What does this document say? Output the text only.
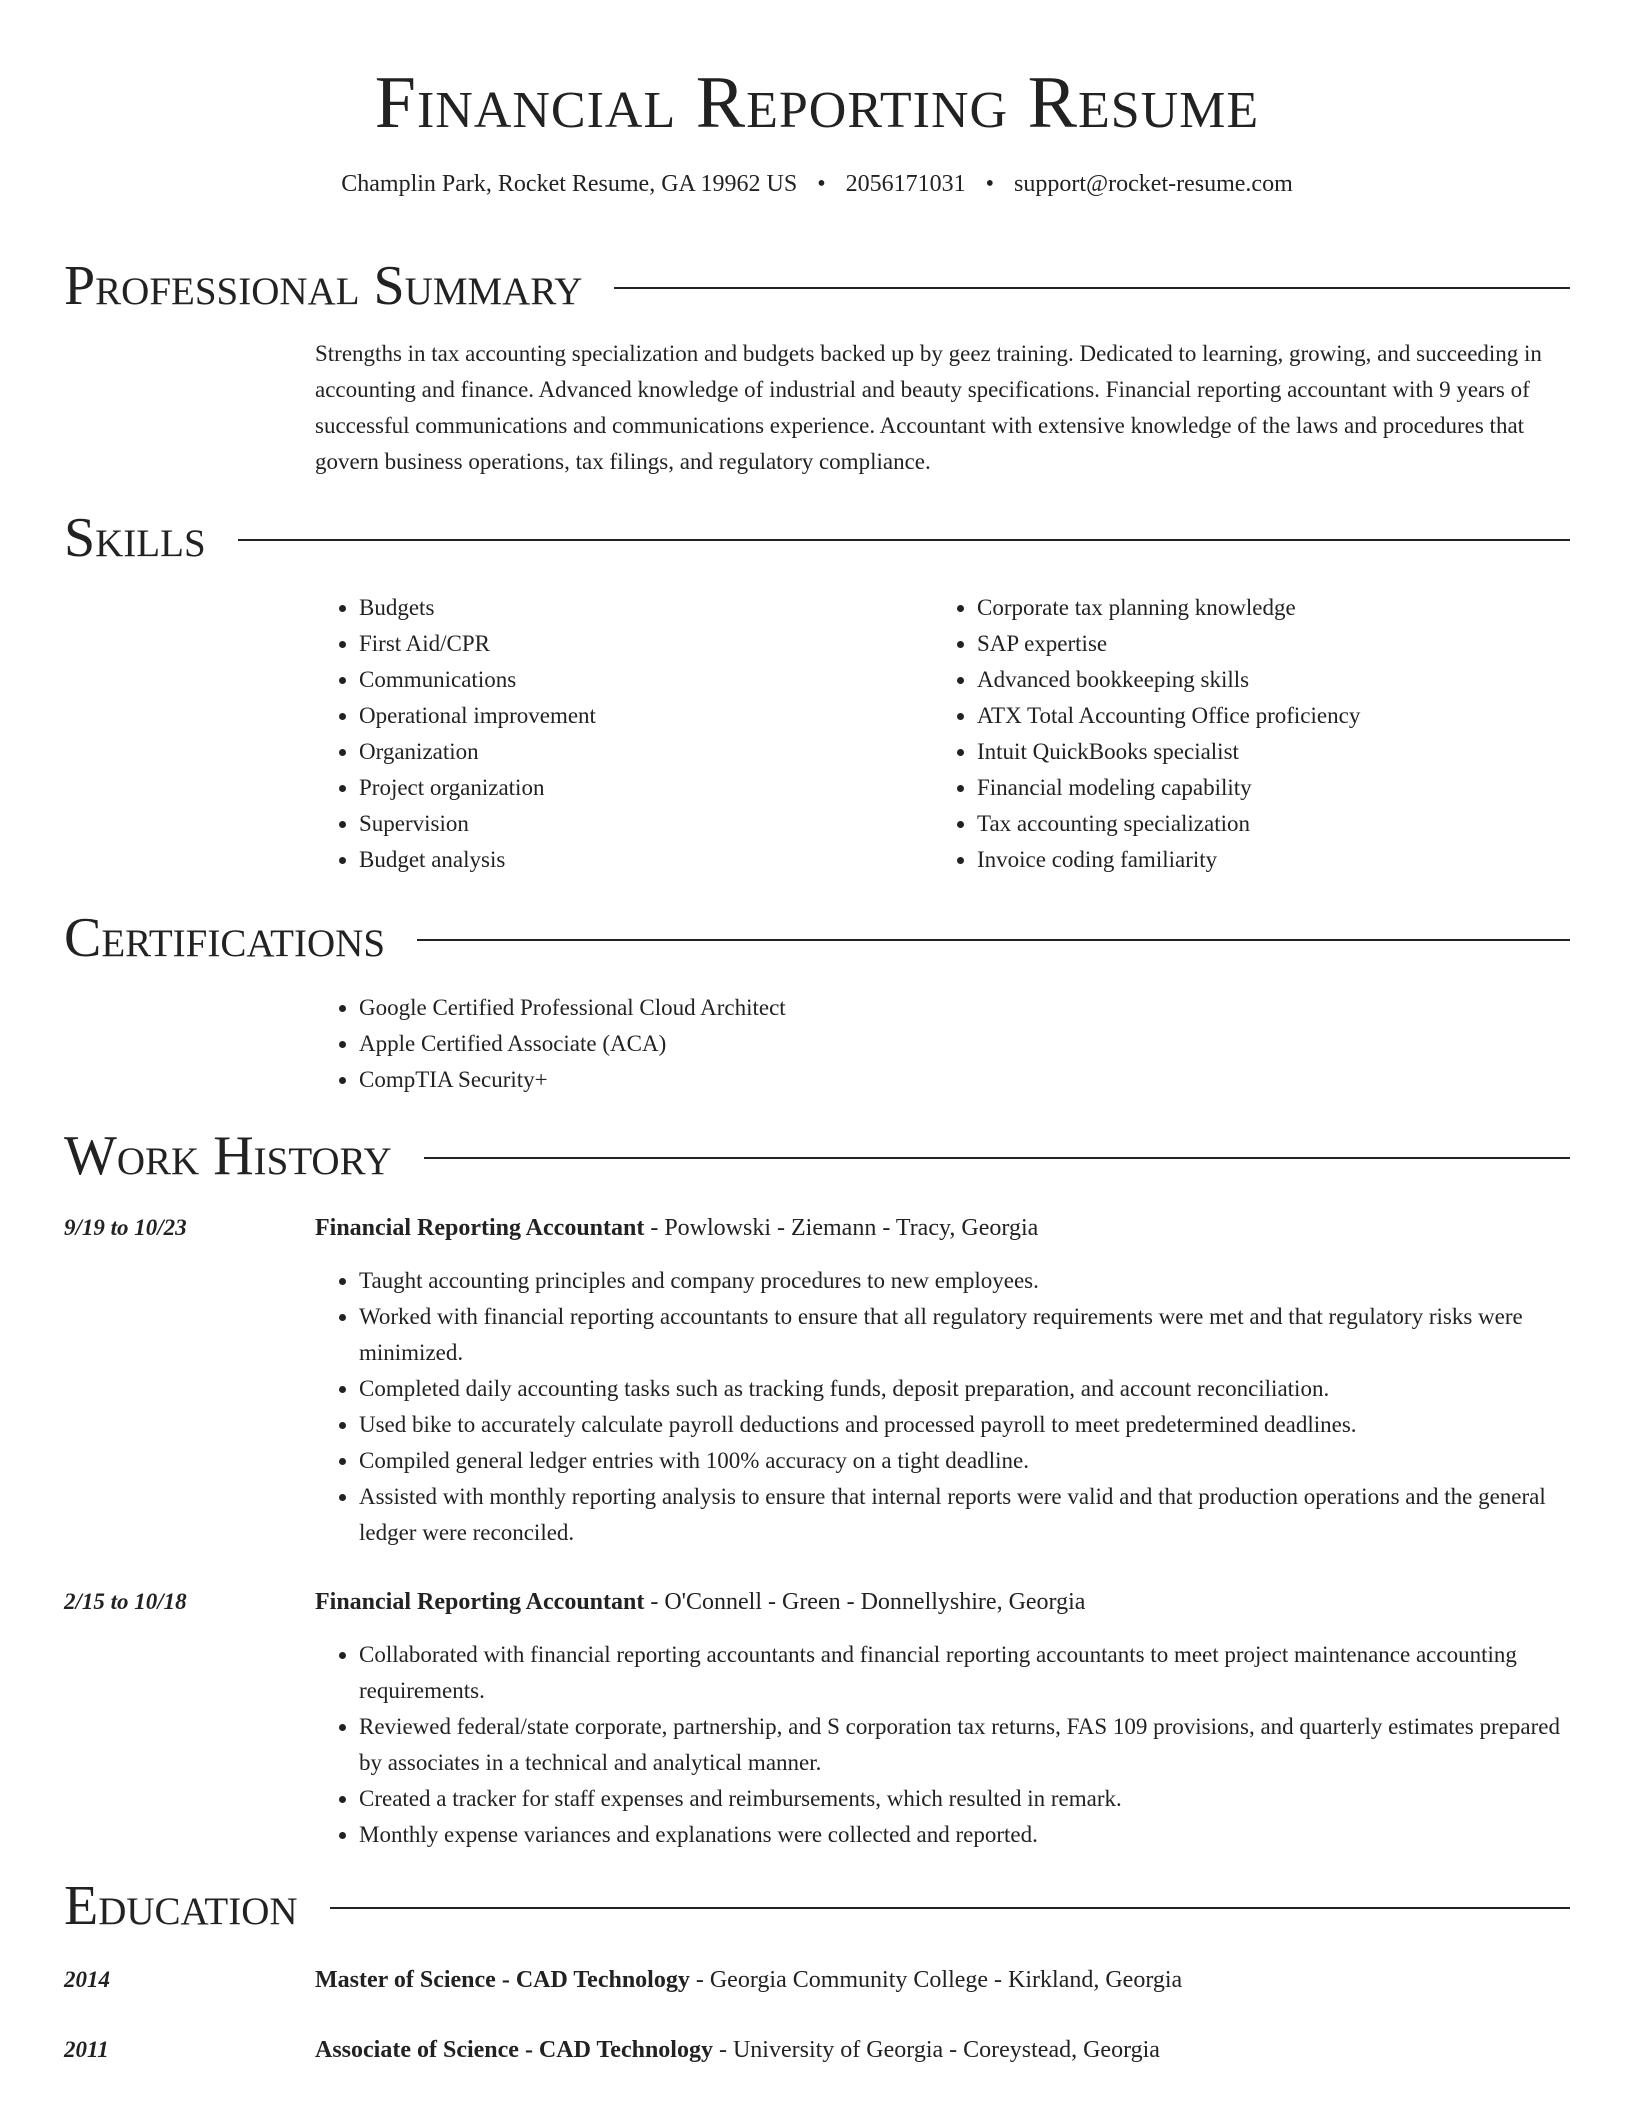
Financial Reporting Resume
Champlin Park, Rocket Resume, GA 19962 US • 2056171031 • support@rocket-resume.com
Professional Summary

Strengths in tax accounting specialization and budgets backed up by geez training. Dedicated to learning, growing, and succeeding in accounting and finance. Advanced knowledge of industrial and beauty specifications. Financial reporting accountant with 9 years of successful communications and communications experience. Accountant with extensive knowledge of the laws and procedures that govern business operations, tax filings, and regulatory compliance.

Skills
• Budgets
• First Aid/CPR
• Communications
• Operational improvement
• Organization
• Project organization
• Supervision
• Budget analysis
• Corporate tax planning knowledge
• SAP expertise
• Advanced bookkeeping skills
• ATX Total Accounting Office proficiency
• Intuit QuickBooks specialist
• Financial modeling capability
• Tax accounting specialization
• Invoice coding familiarity
Certifications
• Google Certified Professional Cloud Architect
• Apple Certified Associate (ACA)
• CompTIA Security+
Work History
9/19 to 10/23	Financial Reporting Accountant - Powlowski - Ziemann - Tracy, Georgia
• Taught accounting principles and company procedures to new employees.
• Worked with financial reporting accountants to ensure that all regulatory requirements were met and that regulatory risks were minimized.
• Completed daily accounting tasks such as tracking funds, deposit preparation, and account reconciliation.
• Used bike to accurately calculate payroll deductions and processed payroll to meet predetermined deadlines.
• Compiled general ledger entries with 100% accuracy on a tight deadline.
• Assisted with monthly reporting analysis to ensure that internal reports were valid and that production operations and the general ledger were reconciled.
2/15 to 10/18	Financial Reporting Accountant - O'Connell - Green - Donnellyshire, Georgia
• Collaborated with financial reporting accountants and financial reporting accountants to meet project maintenance accounting requirements.
• Reviewed federal/state corporate, partnership, and S corporation tax returns, FAS 109 provisions, and quarterly estimates prepared by associates in a technical and analytical manner.
• Created a tracker for staff expenses and reimbursements, which resulted in remark.
• Monthly expense variances and explanations were collected and reported.
Education
2014	Master of Science - CAD Technology - Georgia Community College - Kirkland, Georgia
2011	Associate of Science - CAD Technology - University of Georgia - Coreystead, Georgia
